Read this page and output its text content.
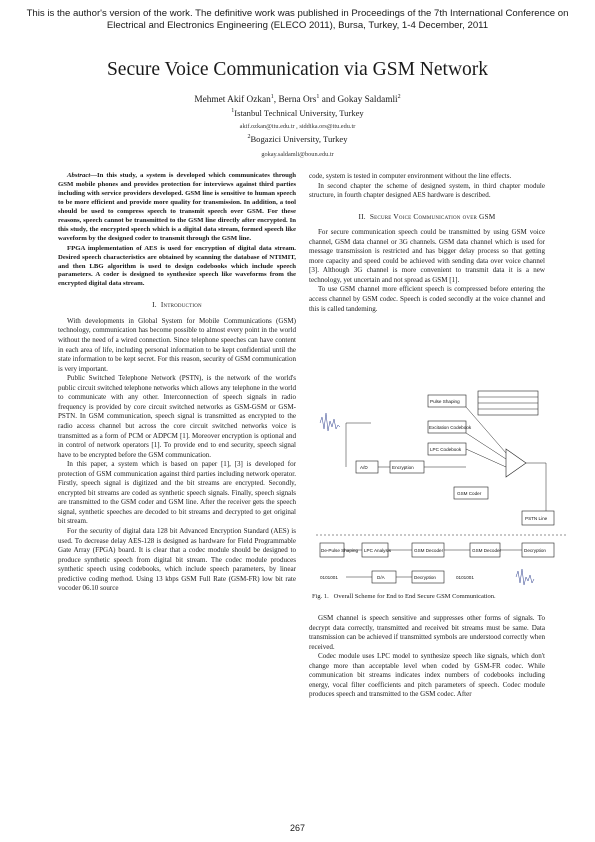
This is the author's version of the work. The definitive work was published in Proceedings of the 7th International Conference on Electrical and Electronics Engineering (ELECO 2011), Bursa, Turkey, 1-4 December, 2011
Secure Voice Communication via GSM Network
Mehmet Akif Ozkan$^1$, Berna Ors$^1$ and Gokay Saldamli$^2$
$^1$Istanbul Technical University, Turkey
akif.ozkan@itu.edu.tr , siddika.ors@itu.edu.tr
$^2$Bogazici University, Turkey
gokay.saldamli@boun.edu.tr

Abstract—In this study, a system is developed which communicates through GSM mobile phones and provides protection for interviews against third parties including with service providers developed. GSM line is sensitive to human speech to be more efficient and provide more quality for transmission. In addition, a tool should be used to compress speech to transmit speech over GSM. For these reasons, speech cannot be transmitted to the GSM line directly after encrypted. In this study, the encrypted speech which is a digital data stream, formed speech like waveform by the designed coder to transmit through the GSM line.

FPGA implementation of AES is used for encryption of digital data stream. Desired speech characteristics are obtained by scanning the database of NTIMIT, and then LBG algorithm is used to design codebooks which include speech parameters. A coder is designed to synthesize speech like waveforms from the encrypted digital data stream.

I. Introduction

With developments in Global System for Mobile Communications (GSM) technology, communication has become possible to almost every point in the world without the need of a wired connection. Since telephone speeches can have content in each area of life, including personal information to be kept confidential until the state information to be kept secret. For this reason, security of GSM communication is very important.

Public Switched Telephone Network (PSTN), is the network of the world's public circuit switched telephone networks which allows any telephone in the world to communicate with any other. Interconnection of speech signals in radio frequency is provided by core circuit switched networks as GSM-GSM or GSM-PSTN. In GSM communication, speech signal is transmitted as encrypted to the radio access channel but across the core circuit switched networks voice is transmitted as a form of PCM or ADPCM [1]. Moreover encryption is optional and in control of network operators [1]. To provide end to end security, speech signal have to be encrypted before the GSM communication.

In this paper, a system which is based on paper [1], [3] is developed for protection of GSM communication against third parties including network operator. Firstly, speech signal is digitized and the bit streams are encrypted. Secondly, encrypted bit streams are coded as synthetic speech signals. Finally, speech signals are transmitted to the GSM coder and GSM line. After the receiver gets the speech signal, synthetic speeches are decoded to bit streams and decrypted to get original bit stream.

For the security of digital data 128 bit Advanced Encryption Standard (AES) is used. To decrease delay AES-128 is designed as hardware for Field Programmable Gate Array (FPGA) board. It is clear that a codec module should be designed to produce synthetic speech from digital bit stream. The codec module produces synthetic speech using codebooks, which include speech parameters, by linear predictive coding method. Using 13 kbps GSM Full Rate (GSM-FR) low bit rate vocoder 06.10 source

code, system is tested in computer environment without the line effects.

In second chapter the scheme of designed system, in third chapter module structure, in fourth chapter designed AES hardware is described.

II. Secure Voice Communication over GSM

For secure communication speech could be transmitted by using GSM voice channel, GSM data channel or 3G channels. GSM data channel which is used for message transmission is restricted and has bigger delay process so that getting more capacity and speed could be achieved with sending data over voice channel [3]. Although 3G channel is more convenient to transmit data it is a new technology, yet uncertain and not spread as GSM [1].

To use GSM channel more efficient speech is compressed before entering the access channel by GSM codec. Speech is coded secondly at the voice channel and this is called tandeming.

Pulse Shaping
Excitation Codebook
LPC Codebook
A/D	Encryption
GSM Coder
PSTN Line
De-Pulse Shaping LPC Analysis	GSM Decoder	GSM Decoder	Decryption
0101001	D/A	Decryption	0101001
Fig. 1. Overall Scheme for End to End Secure GSM Communication.

GSM channel is speech sensitive and suppresses other forms of signals. To decrypt data correctly, transmitted and received bit streams must be same. Data transmission can be achieved if transmitted symbols are understood correctly when received.

Codec module uses LPC model to synthesize speech like signals, which don't change more than acceptable level when coded by GSM-FR codec. While communication bit streams indicates index numbers of codebooks including energy, vocal filter coefficients and pitch parameters of speech. Codec module produces speech and transmitted to the GSM codec. After

267
